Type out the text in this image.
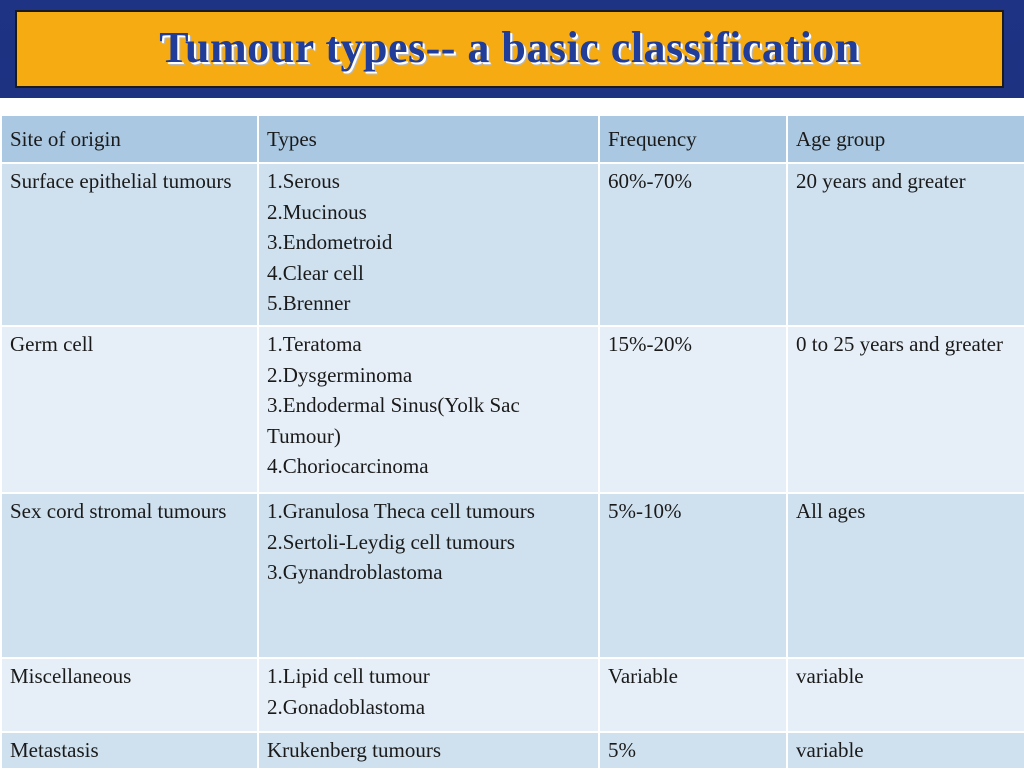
Tumour types-- a basic classification
Site of origin	Types	Frequency	Age group
Surface epithelial tumours	1.Serous
2.Mucinous
3.Endometroid
4.Clear cell
5.Brenner	60%-70%	20 years and greater
Germ cell	1.Teratoma
2.Dysgerminoma
3.Endodermal Sinus(Yolk Sac Tumour)
4.Choriocarcinoma	15%-20%	0 to 25 years and greater
Sex cord stromal tumours	1.Granulosa Theca cell tumours
2.Sertoli-Leydig cell tumours
3.Gynandroblastoma	5%-10%	All ages
Miscellaneous	1.Lipid cell tumour
2.Gonadoblastoma	Variable	variable
Metastasis	Krukenberg tumours	5%	variable
